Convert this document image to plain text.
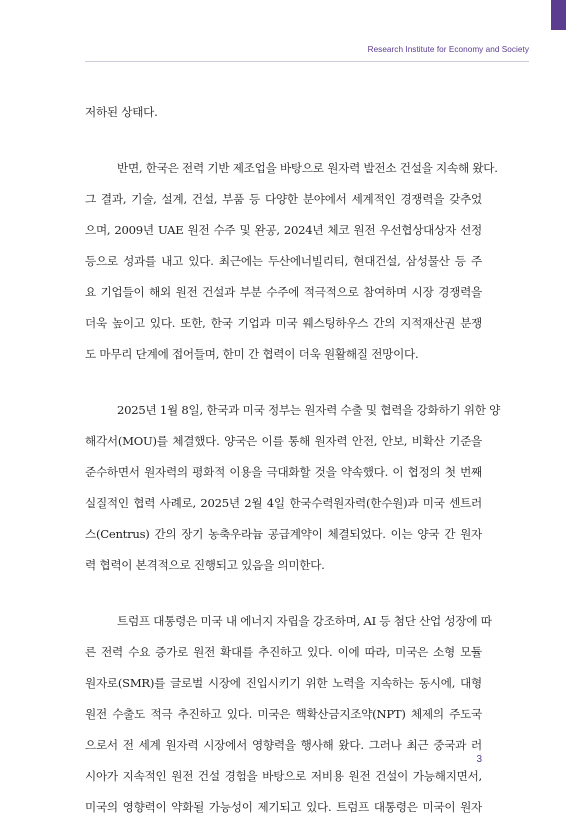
Research Institute for Economy and Society
저하된 상태다.
반면, 한국은 전력 기반 제조업을 바탕으로 원자력 발전소 건설을 지속해 왔다.
그 결과, 기술, 설계, 건설, 부품 등 다양한 분야에서 세계적인 경쟁력을 갖추었
으며, 2009년 UAE 원전 수주 및 완공, 2024년 체코 원전 우선협상대상자 선정
등으로 성과를 내고 있다. 최근에는 두산에너빌리티, 현대건설, 삼성물산 등 주
요 기업들이 해외 원전 건설과 부분 수주에 적극적으로 참여하며 시장 경쟁력을
더욱 높이고 있다. 또한, 한국 기업과 미국 웨스팅하우스 간의 지적재산권 분쟁
도 마무리 단계에 접어들며, 한미 간 협력이 더욱 원활해질 전망이다.
2025년 1월 8일, 한국과 미국 정부는 원자력 수출 및 협력을 강화하기 위한 양
해각서(MOU)를 체결했다. 양국은 이를 통해 원자력 안전, 안보, 비확산 기준을
준수하면서 원자력의 평화적 이용을 극대화할 것을 약속했다. 이 협정의 첫 번째
실질적인 협력 사례로, 2025년 2월 4일 한국수력원자력(한수원)과 미국 센트러
스(Centrus) 간의 장기 농축우라늄 공급계약이 체결되었다. 이는 양국 간 원자
력 협력이 본격적으로 진행되고 있음을 의미한다.
트럼프 대통령은 미국 내 에너지 자립을 강조하며, AI 등 첨단 산업 성장에 따
른 전력 수요 증가로 원전 확대를 추진하고 있다. 이에 따라, 미국은 소형 모듈
원자로(SMR)를 글로벌 시장에 진입시키기 위한 노력을 지속하는 동시에, 대형
원전 수출도 적극 추진하고 있다. 미국은 핵확산금지조약(NPT) 체제의 주도국
으로서 전 세계 원자력 시장에서 영향력을 행사해 왔다. 그러나 최근 중국과 러
시아가 지속적인 원전 건설 경험을 바탕으로 저비용 원전 건설이 가능해지면서,
미국의 영향력이 약화될 가능성이 제기되고 있다. 트럼프 대통령은 미국이 원자
3
